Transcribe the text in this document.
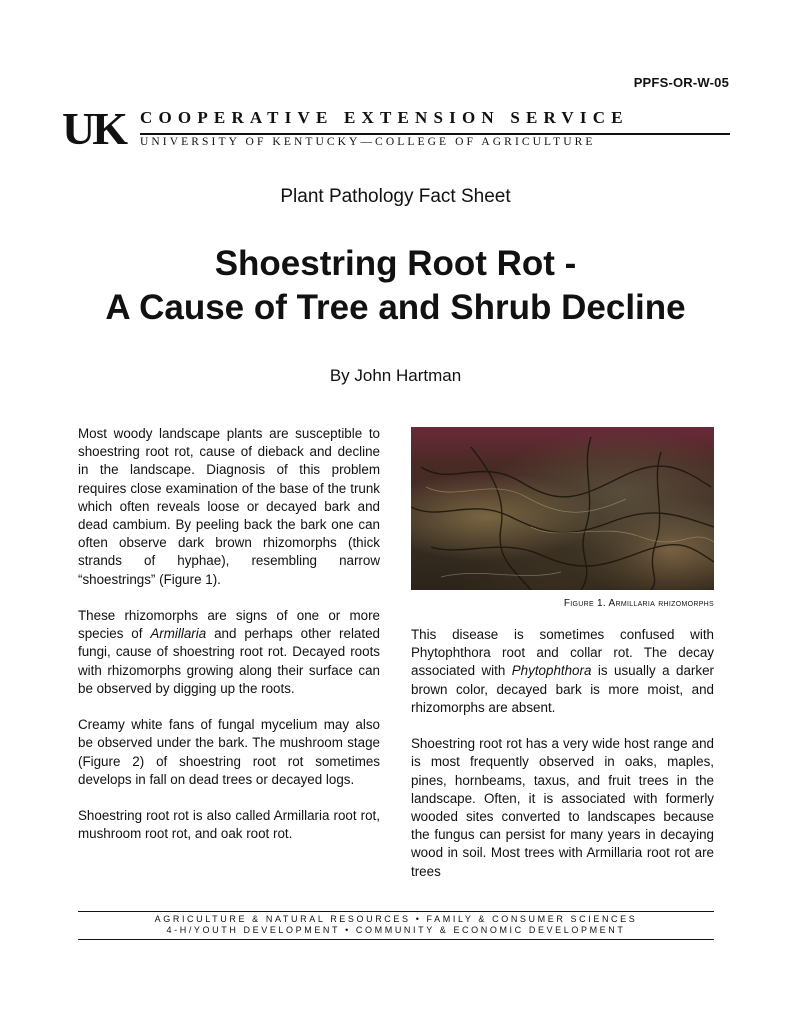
PPFS-OR-W-05
UK COOPERATIVE EXTENSION SERVICE
UNIVERSITY OF KENTUCKY—COLLEGE OF AGRICULTURE
Plant Pathology Fact Sheet
Shoestring Root Rot -
A Cause of Tree and Shrub Decline
By John Hartman

Most woody landscape plants are susceptible to shoestring root rot, cause of dieback and decline in the landscape. Diagnosis of this problem requires close examination of the base of the trunk which often reveals loose or decayed bark and dead cambium. By peeling back the bark one can often observe dark brown rhizomorphs (thick strands of hyphae), resembling narrow “shoestrings” (Figure 1).

These rhizomorphs are signs of one or more species of Armillaria and perhaps other related fungi, cause of shoestring root rot. Decayed roots with rhizomorphs growing along their surface can be observed by digging up the roots.

Creamy white fans of fungal mycelium may also be observed under the bark. The mushroom stage (Figure 2) of shoestring root rot sometimes develops in fall on dead trees or decayed logs.

Shoestring root rot is also called Armillaria root rot, mushroom root rot, and oak root rot.

Figure 1. Armillaria rhizomorphs

This disease is sometimes confused with Phytophthora root and collar rot. The decay associated with Phytophthora is usually a darker brown color, decayed bark is more moist, and rhizomorphs are absent.

Shoestring root rot has a very wide host range and is most frequently observed in oaks, maples, pines, hornbeams, taxus, and fruit trees in the landscape. Often, it is associated with formerly wooded sites converted to landscapes because the fungus can persist for many years in decaying wood in soil. Most trees with Armillaria root rot are trees

AGRICULTURE & NATURAL RESOURCES • FAMILY & CONSUMER SCIENCES
4-H/YOUTH DEVELOPMENT • COMMUNITY & ECONOMIC DEVELOPMENT
